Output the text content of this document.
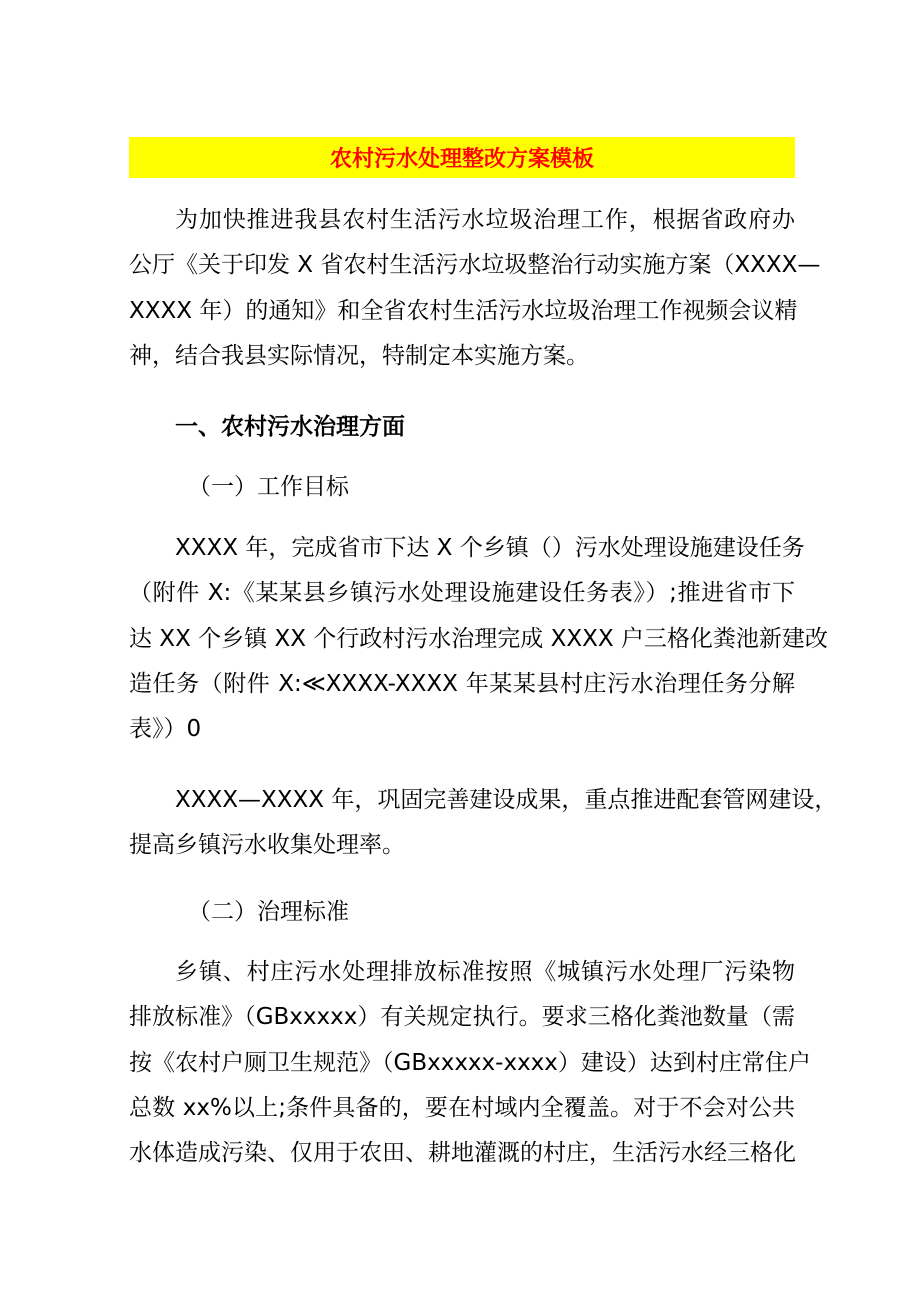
农村污水处理整改方案模板
为加快推进我县农村生活污水垃圾治理工作，根据省政府办
公厅《关于印发 X 省农村生活污水垃圾整治行动实施方案（XXXX—
XXXX 年）的通知》和全省农村生活污水垃圾治理工作视频会议精
神，结合我县实际情况，特制定本实施方案。
一、农村污水治理方面
（一）工作目标
XXXX 年，完成省市下达 X 个乡镇（）污水处理设施建设任务
（附件 X:《某某县乡镇污水处理设施建设任务表》）;推进省市下
达 XX 个乡镇 XX 个行政村污水治理完成 XXXX 户三格化粪池新建改
造任务（附件 X:≪XXXX-XXXX 年某某县村庄污水治理任务分解
表》）0
XXXX—XXXX 年，巩固完善建设成果，重点推进配套管网建设，
提高乡镇污水收集处理率。
（二）治理标准
乡镇、村庄污水处理排放标准按照《城镇污水处理厂污染物
排放标准》（GBxxxxx）有关规定执行。要求三格化粪池数量（需
按《农村户厕卫生规范》（GBxxxxx-xxxx）建设）达到村庄常住户
总数 xx%以上;条件具备的，要在村域内全覆盖。对于不会对公共
水体造成污染、仅用于农田、耕地灌溉的村庄，生活污水经三格化
